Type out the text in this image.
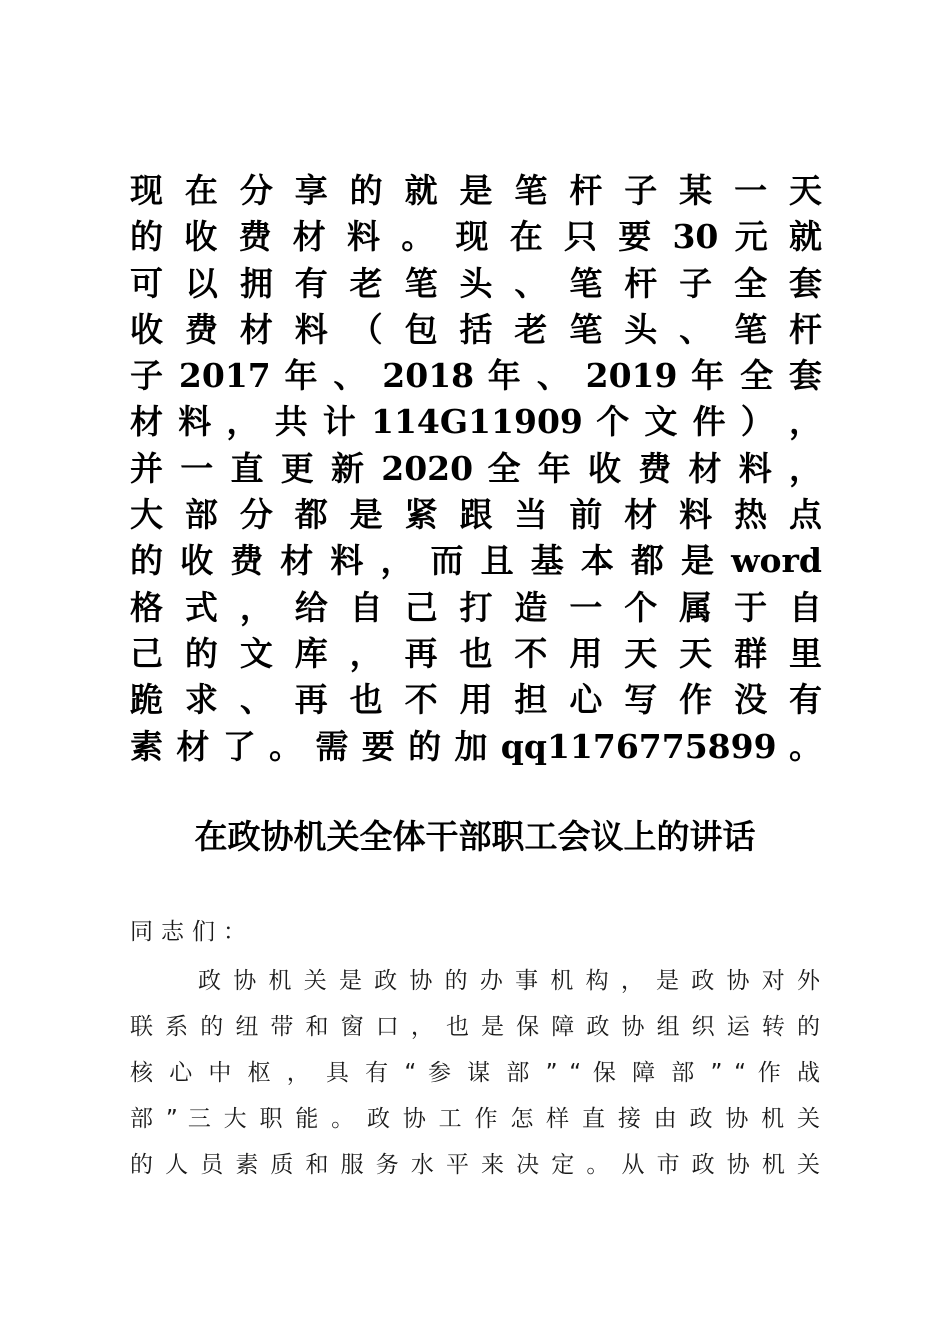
现 在 分 享 的 就 是 笔 杆 子 某 一 天
的 收 费 材 料 。 现 在 只 要 30 元 就
可 以 拥 有 老 笔 头 、 笔 杆 子 全 套
收 费 材 料 （ 包 括 老 笔 头 、 笔 杆
子 2017 年 、 2018 年 、 2019 年 全 套
材 料 ， 共 计 114G11909 个 文 件 ） ，
并 一 直 更 新 2020 全 年 收 费 材 料 ，
大 部 分 都 是 紧 跟 当 前 材 料 热 点
的 收 费 材 料 ， 而 且 基 本 都 是 word
格 式 ， 给 自 己 打 造 一 个 属 于 自
己 的 文 库 ， 再 也 不 用 天 天 群 里
跪 求 、 再 也 不 用 担 心 写 作 没 有
素 材 了 。 需 要 的 加 qq1176775899 。
在政协机关全体干部职工会议上的讲话
同志们：
政 协 机 关 是 政 协 的 办 事 机 构 ， 是 政 协 对 外
联 系 的 纽 带 和 窗 口 ， 也 是 保 障 政 协 组 织 运 转 的
核 心 中 枢 ， 具 有 “ 参 谋 部 ” “ 保 障 部 ” “ 作 战
部 ” 三 大 职 能 。 政 协 工 作 怎 样 直 接 由 政 协 机 关
的 人 员 素 质 和 服 务 水 平 来 决 定 。 从 市 政 协 机 关
